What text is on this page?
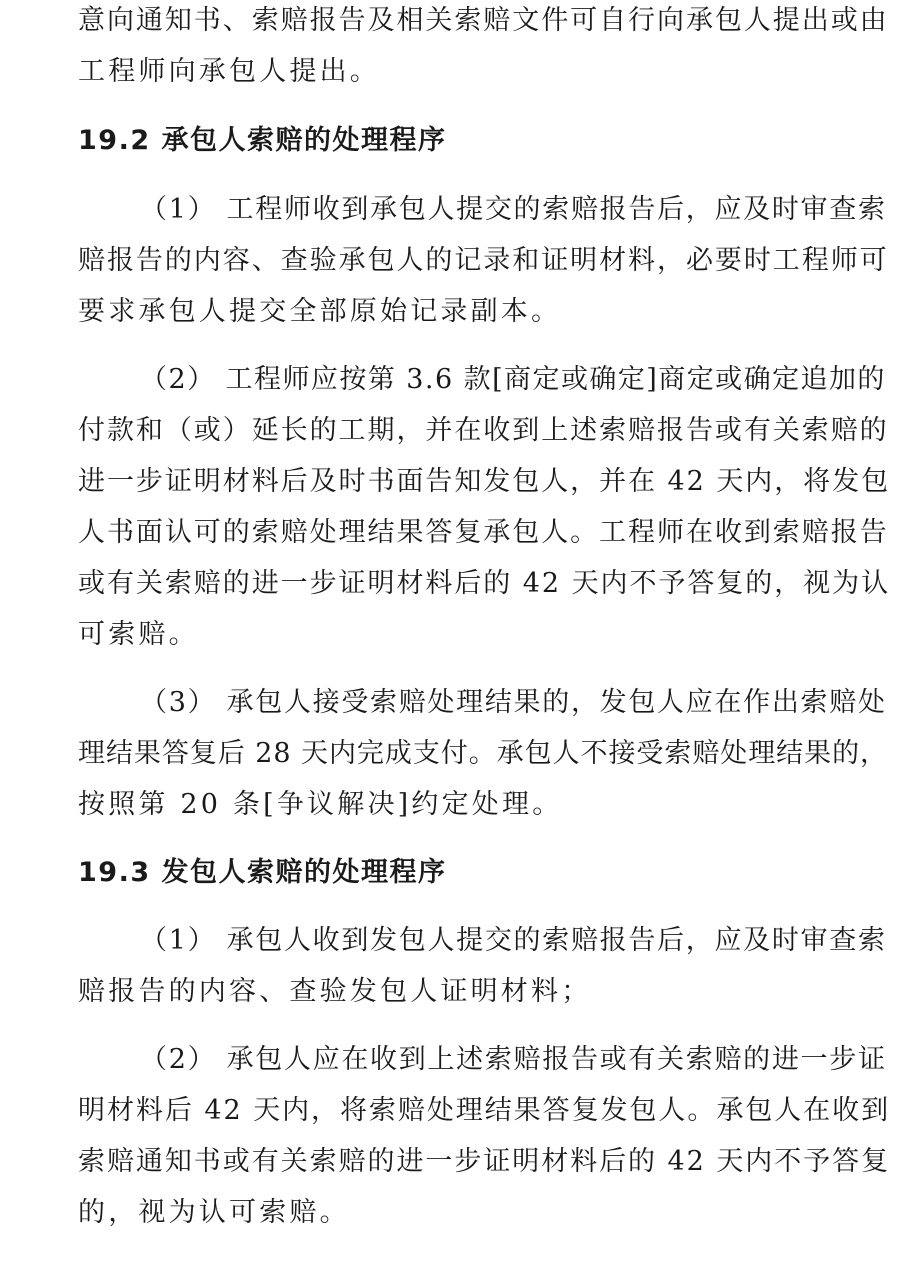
意向通知书、索赔报告及相关索赔文件可自行向承包人提出或由
工程师向承包人提出。
19.2 承包人索赔的处理程序
（1） 工程师收到承包人提交的索赔报告后，应及时审查索
赔报告的内容、查验承包人的记录和证明材料，必要时工程师可
要求承包人提交全部原始记录副本。
（2） 工程师应按第 3.6 款[商定或确定]商定或确定追加的
付款和（或）延长的工期，并在收到上述索赔报告或有关索赔的
进一步证明材料后及时书面告知发包人，并在 42 天内，将发包
人书面认可的索赔处理结果答复承包人。工程师在收到索赔报告
或有关索赔的进一步证明材料后的 42 天内不予答复的，视为认
可索赔。
（3） 承包人接受索赔处理结果的，发包人应在作出索赔处
理结果答复后 28 天内完成支付。承包人不接受索赔处理结果的，
按照第 20 条[争议解决]约定处理。
19.3 发包人索赔的处理程序
（1） 承包人收到发包人提交的索赔报告后，应及时审查索
赔报告的内容、查验发包人证明材料；
（2） 承包人应在收到上述索赔报告或有关索赔的进一步证
明材料后 42 天内，将索赔处理结果答复发包人。承包人在收到
索赔通知书或有关索赔的进一步证明材料后的 42 天内不予答复
的，视为认可索赔。
